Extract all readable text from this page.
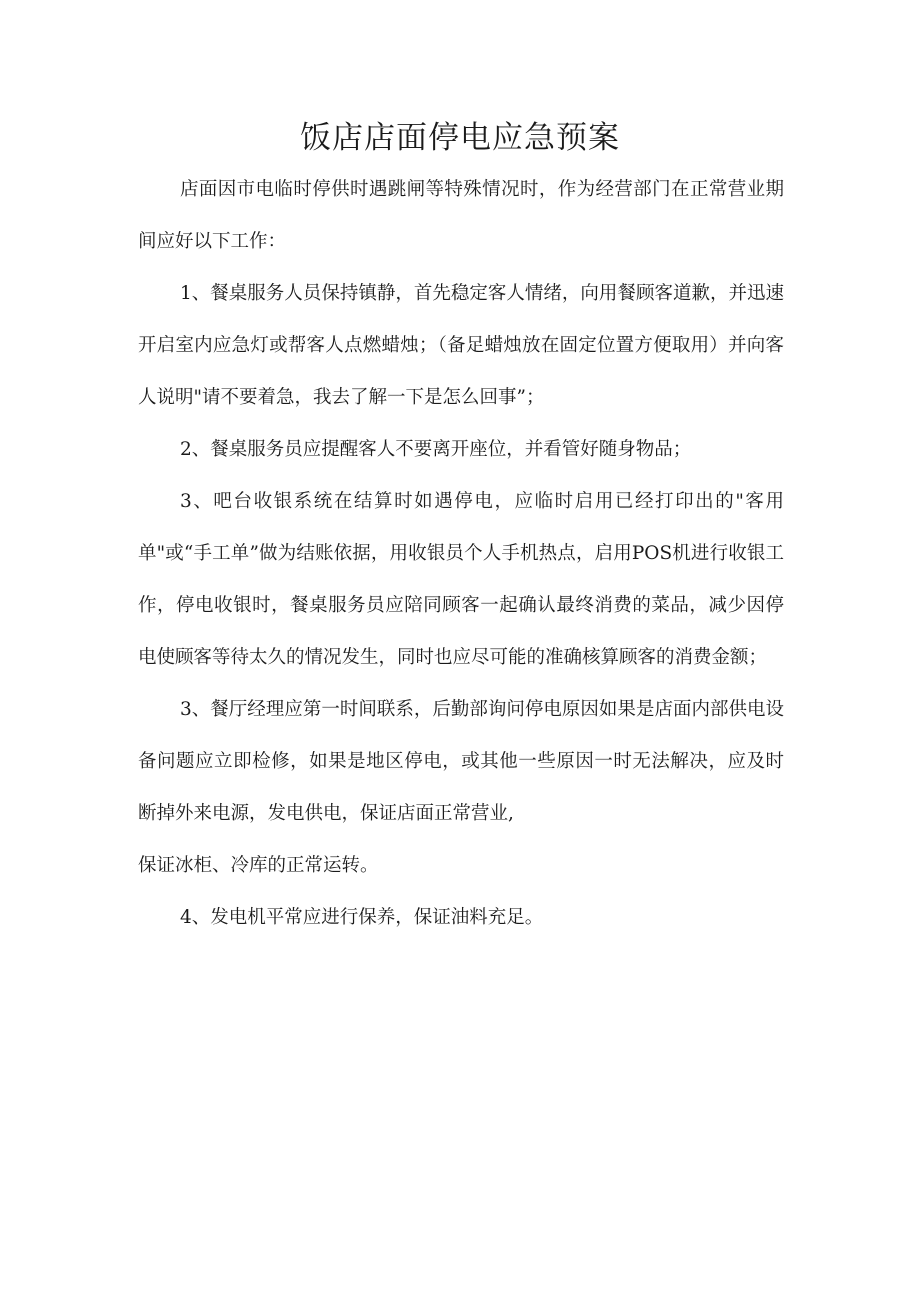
饭店店面停电应急预案

店面因市电临时停供时遇跳闸等特殊情况时，作为经营部门在正常营业期间应好以下工作：

1、餐桌服务人员保持镇静，首先稳定客人情绪，向用餐顾客道歉，并迅速开启室内应急灯或帮客人点燃蜡烛；（备足蜡烛放在固定位置方便取用）并向客人说明"请不要着急，我去了解一下是怎么回事”；

2、餐桌服务员应提醒客人不要离开座位，并看管好随身物品；

3、吧台收银系统在结算时如遇停电，应临时启用已经打印出的"客用单"或“手工单”做为结账依据，用收银员个人手机热点，启用POS机进行收银工作，停电收银时，餐桌服务员应陪同顾客一起确认最终消费的菜品，减少因停电使顾客等待太久的情况发生，同时也应尽可能的准确核算顾客的消费金额；

3、餐厅经理应第一时间联系，后勤部询问停电原因如果是店面内部供电设备问题应立即检修，如果是地区停电，或其他一些原因一时无法解决，应及时断掉外来电源，发电供电，保证店面正常营业,

保证冰柜、冷库的正常运转。

4、发电机平常应进行保养，保证油料充足。
